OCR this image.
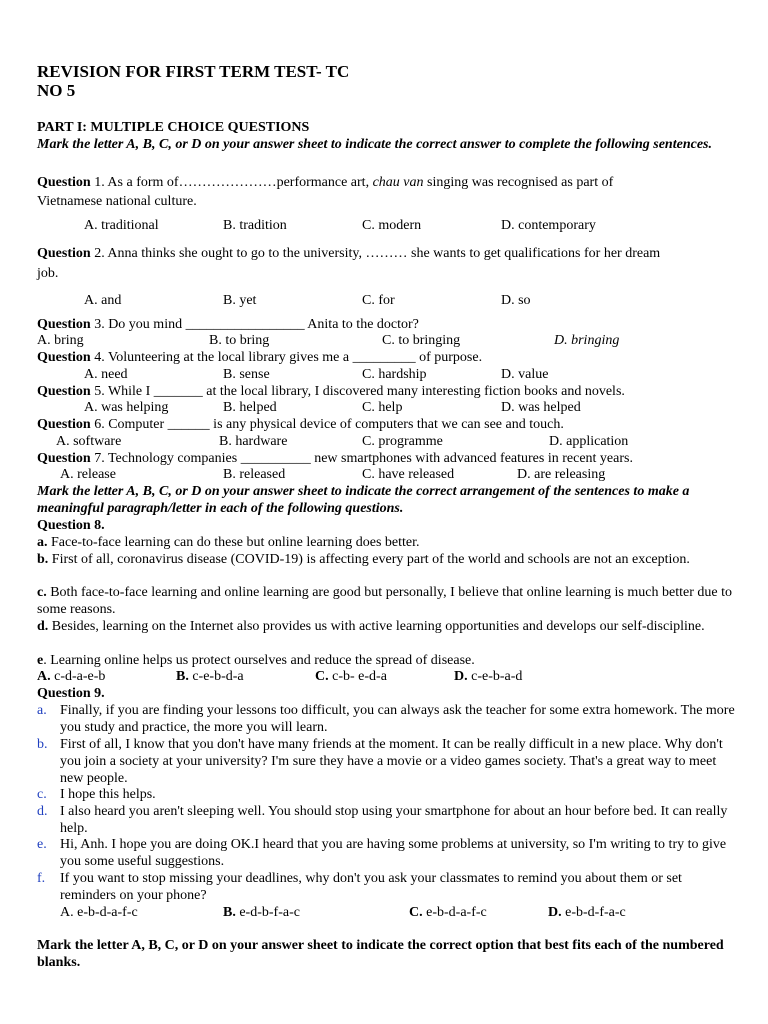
REVISION FOR FIRST TERM TEST- TC
NO 5
PART I: MULTIPLE CHOICE QUESTIONS
Mark the letter A, B, C, or D on your answer sheet to indicate the correct answer to complete the following sentences.
Question 1. As a form of…………………performance art, chau van singing was recognised as part of
Vietnamese national culture.
A. traditional	B. tradition	C. modern	D. contemporary
Question 2. Anna thinks she ought to go to the university, ……… she wants to get qualifications for her dream
job.
A. and	B. yet	C. for	D. so
Question 3. Do you mind _________________ Anita to the doctor?
A. bring	B. to bring	C. to bringing	D. bringing
Question 4. Volunteering at the local library gives me a _________ of purpose.
A. need	B. sense	C. hardship	D. value
Question 5. While I _______ at the local library, I discovered many interesting fiction books and novels.
A. was helping	B. helped	C. help	D. was helped
Question 6. Computer ______ is any physical device of computers that we can see and touch.
A. software	B. hardware	C. programme	D. application
Question 7. Technology companies __________ new smartphones with advanced features in recent years.
A. release	B. released	C. have released	D. are releasing
Mark the letter A, B, C, or D on your answer sheet to indicate the correct arrangement of the sentences to make a meaningful paragraph/letter in each of the following questions.
Question 8.
a. Face-to-face learning can do these but online learning does better.
b. First of all, coronavirus disease (COVID-19) is affecting every part of the world and schools are not an exception.
c. Both face-to-face learning and online learning are good but personally, I believe that online learning is much better due to some reasons.
d. Besides, learning on the Internet also provides us with active learning opportunities and develops our self-discipline.
e. Learning online helps us protect ourselves and reduce the spread of disease.
A. c-d-a-e-b	B. c-e-b-d-a	C. c-b- e-d-a	D. c-e-b-a-d
Question 9.
a. Finally, if you are finding your lessons too difficult, you can always ask the teacher for some extra homework. The more you study and practice, the more you will learn.
b. First of all, I know that you don't have many friends at the moment. It can be really difficult in a new place. Why don't you join a society at your university? I'm sure they have a movie or a video games society. That's a great way to meet new people.
c. I hope this helps.
d. I also heard you aren't sleeping well. You should stop using your smartphone for about an hour before bed. It can really help.
e. Hi, Anh. I hope you are doing OK.I heard that you are having some problems at university, so I'm writing to try to give you some useful suggestions.
f. If you want to stop missing your deadlines, why don't you ask your classmates to remind you about them or set reminders on your phone?
A. e-b-d-a-f-c	B. e-d-b-f-a-c	C. e-b-d-a-f-c	D. e-b-d-f-a-c
Mark the letter A, B, C, or D on your answer sheet to indicate the correct option that best fits each of the numbered blanks.
